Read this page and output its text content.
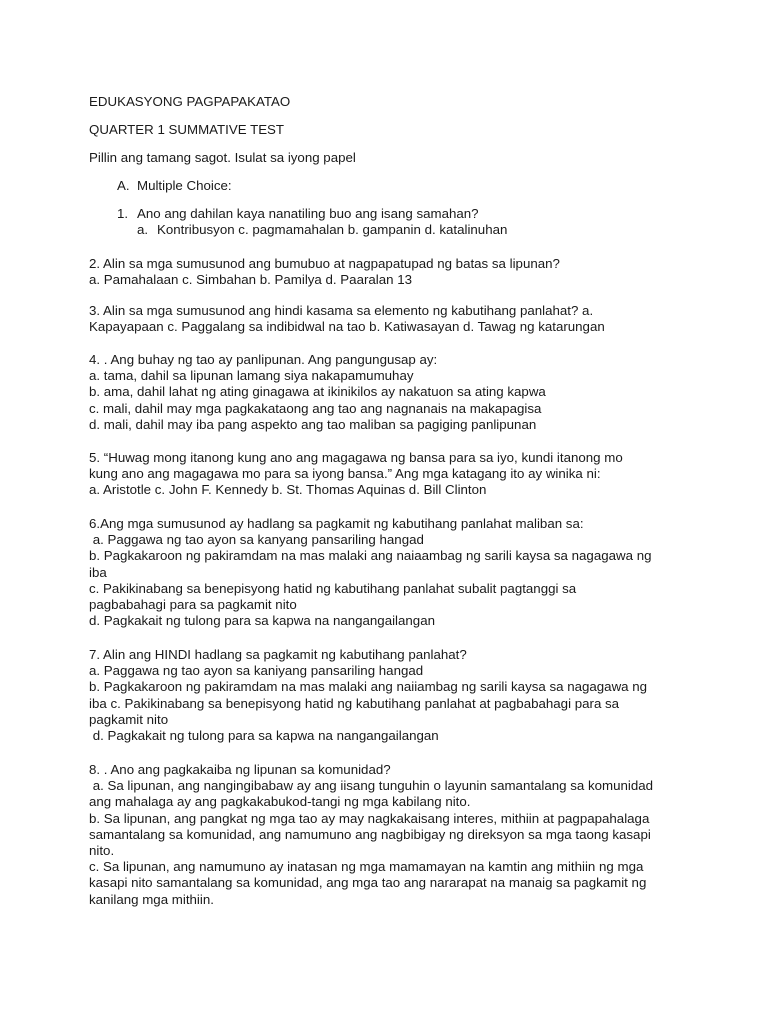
EDUKASYONG PAGPAPAKATAO
QUARTER 1 SUMMATIVE TEST
Pillin ang tamang sagot. Isulat sa iyong papel
A. Multiple Choice:
1. Ano ang dahilan kaya nanatiling buo ang isang samahan?
a. Kontribusyon c. pagmamahalan b. gampanin d. katalinuhan
2. Alin sa mga sumusunod ang bumubuo at nagpapatupad ng batas sa lipunan?
a. Pamahalaan c. Simbahan b. Pamilya d. Paaralan 13
3. Alin sa mga sumusunod ang hindi kasama sa elemento ng kabutihang panlahat? a.
Kapayapaan c. Paggalang sa indibidwal na tao b. Katiwasayan d. Tawag ng katarungan
4. . Ang buhay ng tao ay panlipunan. Ang pangungusap ay:
a. tama, dahil sa lipunan lamang siya nakapamumuhay
b. ama, dahil lahat ng ating ginagawa at ikinikilos ay nakatuon sa ating kapwa
c. mali, dahil may mga pagkakataong ang tao ang nagnanais na makapagisa
d. mali, dahil may iba pang aspekto ang tao maliban sa pagiging panlipunan
5. “Huwag mong itanong kung ano ang magagawa ng bansa para sa iyo, kundi itanong mo
kung ano ang magagawa mo para sa iyong bansa.” Ang mga katagang ito ay winika ni:
a. Aristotle c. John F. Kennedy b. St. Thomas Aquinas d. Bill Clinton
6.Ang mga sumusunod ay hadlang sa pagkamit ng kabutihang panlahat maliban sa:
a. Paggawa ng tao ayon sa kanyang pansariling hangad
b. Pagkakaroon ng pakiramdam na mas malaki ang naiaambag ng sarili kaysa sa nagagawa ng
iba
c. Pakikinabang sa benepisyong hatid ng kabutihang panlahat subalit pagtanggi sa
pagbabahagi para sa pagkamit nito
d. Pagkakait ng tulong para sa kapwa na nangangailangan
7. Alin ang HINDI hadlang sa pagkamit ng kabutihang panlahat?
a. Paggawa ng tao ayon sa kaniyang pansariling hangad
b. Pagkakaroon ng pakiramdam na mas malaki ang naiiambag ng sarili kaysa sa nagagawa ng
iba c. Pakikinabang sa benepisyong hatid ng kabutihang panlahat at pagbabahagi para sa
pagkamit nito
d. Pagkakait ng tulong para sa kapwa na nangangailangan
8. . Ano ang pagkakaiba ng lipunan sa komunidad?
a. Sa lipunan, ang nangingibabaw ay ang iisang tunguhin o layunin samantalang sa komunidad
ang mahalaga ay ang pagkakabukod-tangi ng mga kabilang nito.
b. Sa lipunan, ang pangkat ng mga tao ay may nagkakaisang interes, mithiin at pagpapahalaga
samantalang sa komunidad, ang namumuno ang nagbibigay ng direksyon sa mga taong kasapi
nito.
c. Sa lipunan, ang namumuno ay inatasan ng mga mamamayan na kamtin ang mithiin ng mga
kasapi nito samantalang sa komunidad, ang mga tao ang nararapat na manaig sa pagkamit ng
kanilang mga mithiin.
